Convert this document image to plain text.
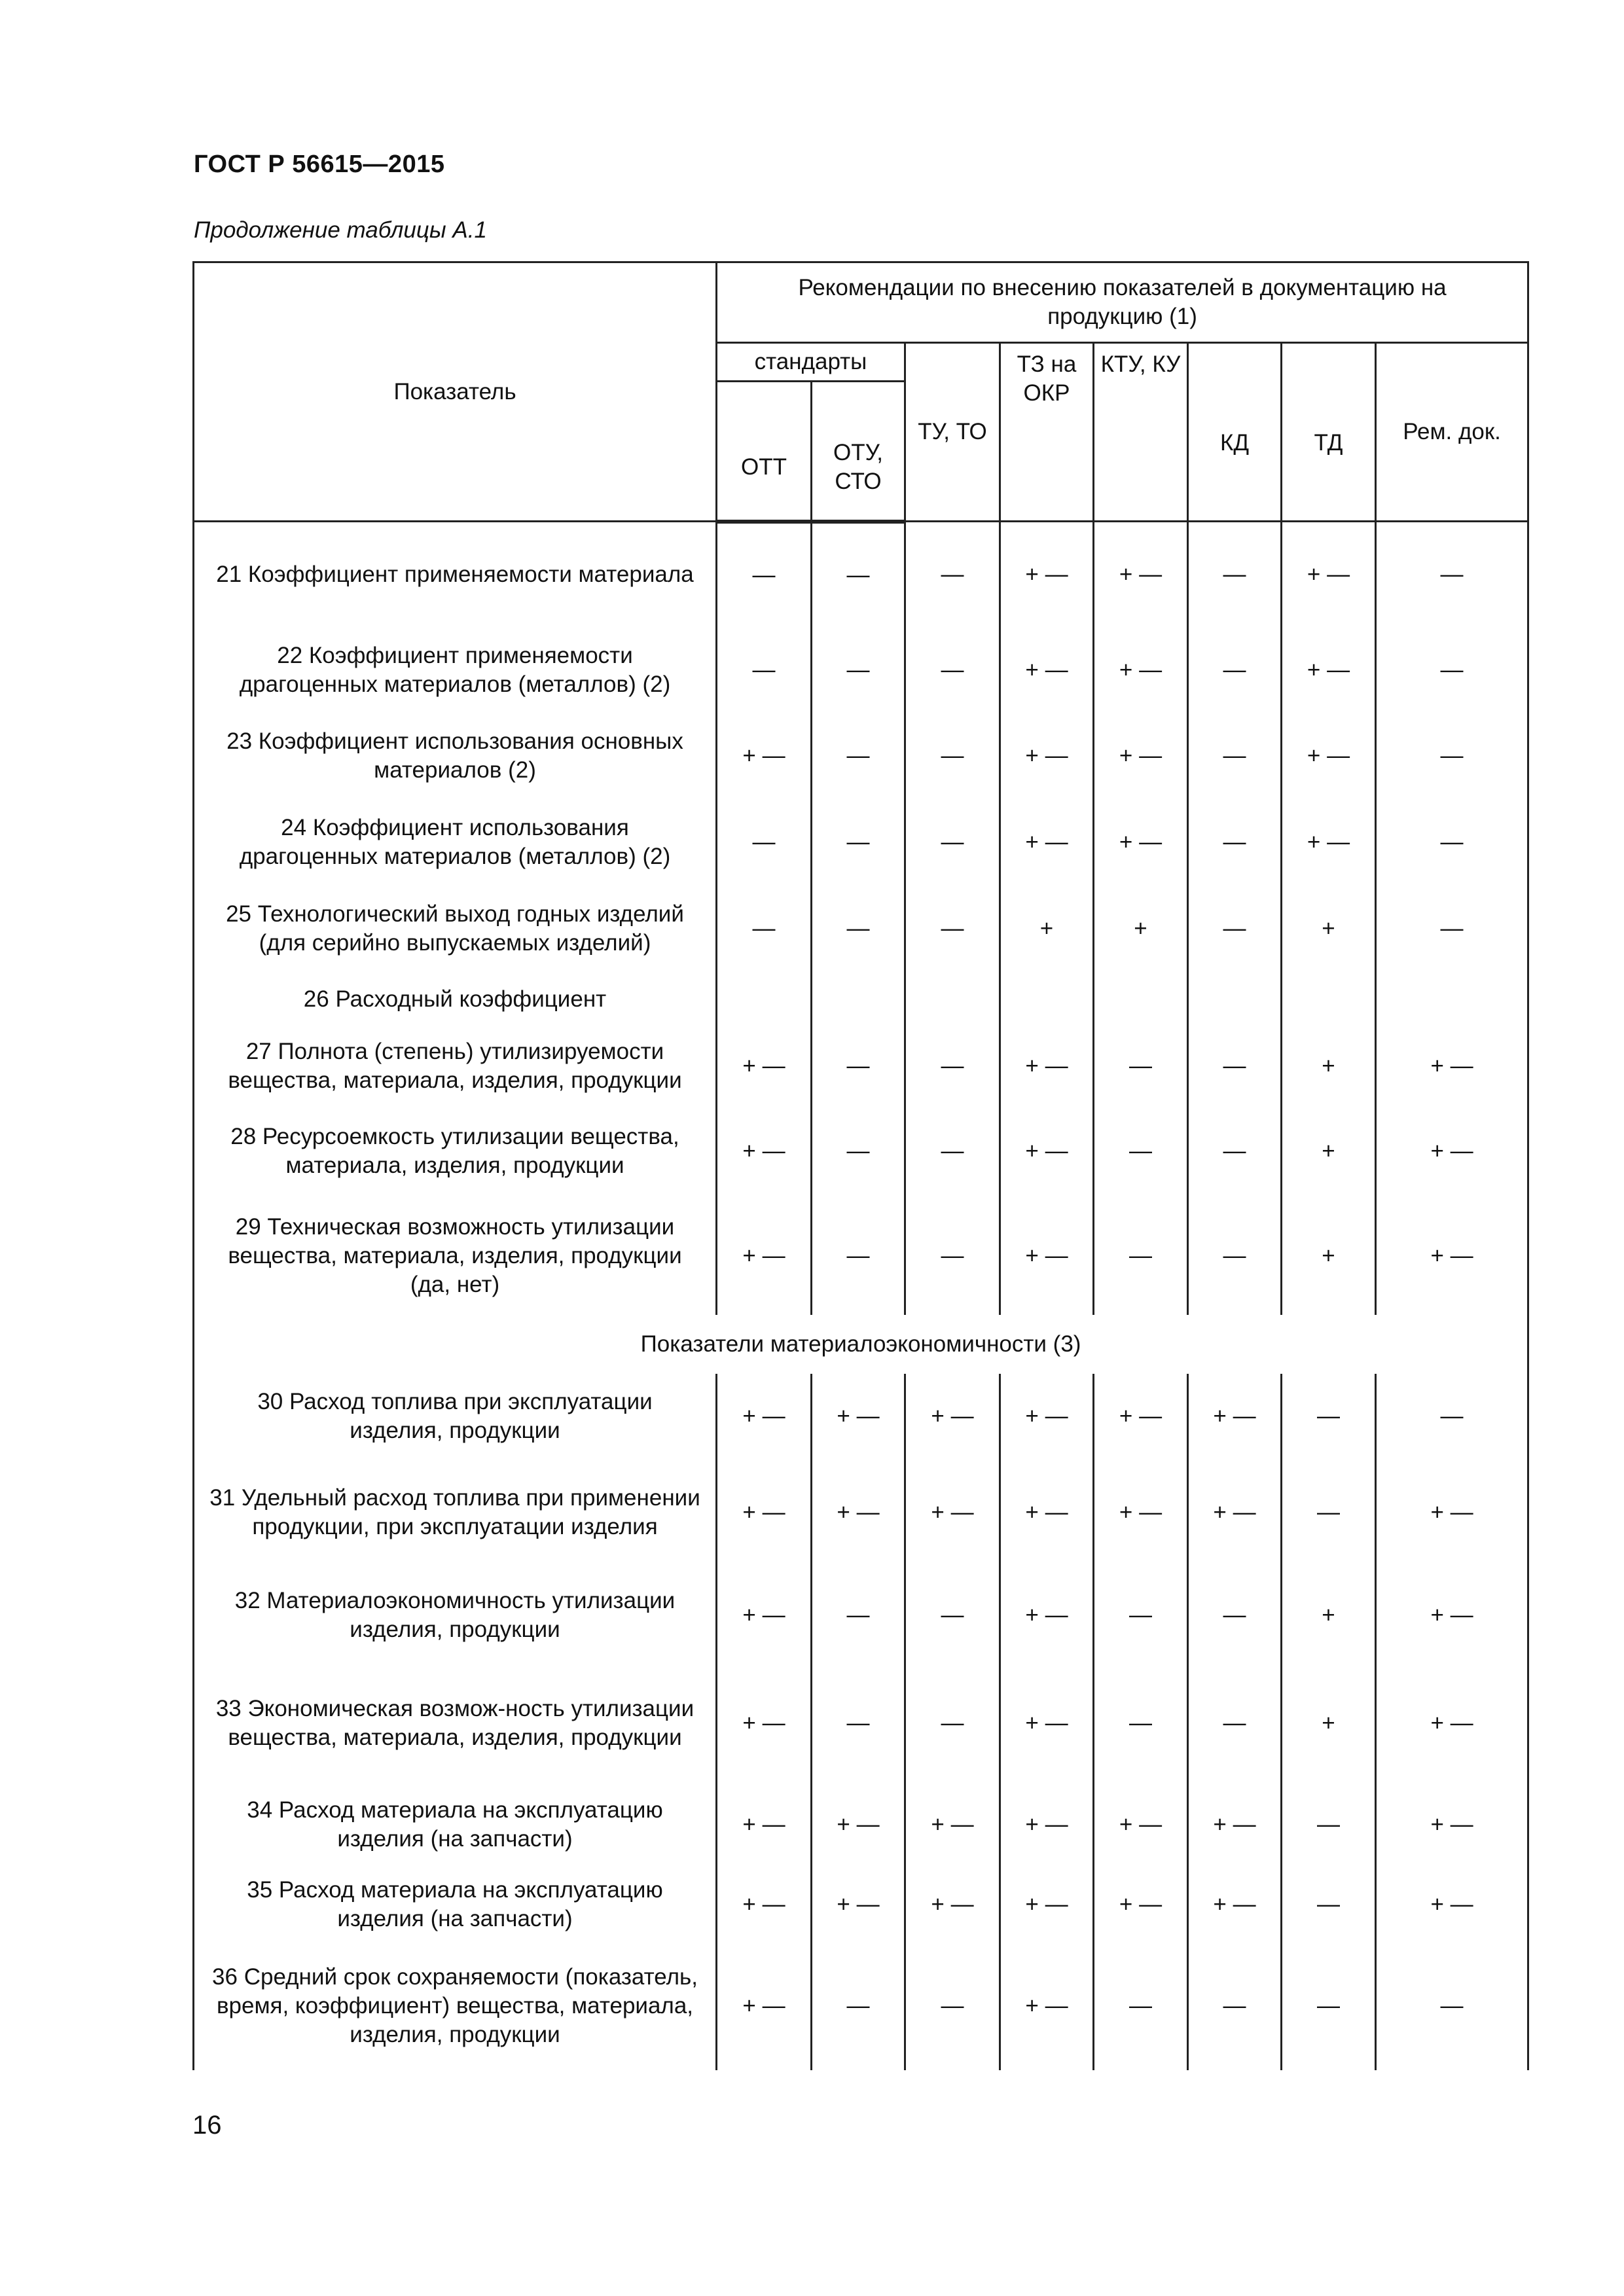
ГОСТ Р 56615—2015
Продолжение таблицы А.1
Показатель	Рекомендации по внесению показателей в документацию на продукцию (1)							
	стандарты		ТУ, ТО	ТЗ на ОКР	КТУ, КУ	КД	ТД	Рем. док.
	ОТТ	ОТУ, СТО						
21 Коэффициент применяемости материала	—	—	—	+ —	+ —	—	+ —	—
22 Коэффициент применяемости драгоценных материалов (металлов) (2)	—	—	—	+ —	+ —	—	+ —	—
23 Коэффициент использования основных материалов (2)	+ —	—	—	+ —	+ —	—	+ —	—
24 Коэффициент использования драгоценных материалов (металлов) (2)	—	—	—	+ —	+ —	—	+ —	—
25 Технологический выход годных изделий (для серийно выпускаемых изделий)	—	—	—	+	+	—	+	—
26 Расходный коэффициент								
27 Полнота (степень) утилизируемости вещества, материала, изделия, продукции	+ —	—	—	+ —	—	—	+	+ —
28 Ресурсоемкость утилизации вещества, материала, изделия, продукции	+ —	—	—	+ —	—	—	+	+ —
29 Техническая возможность утилизации вещества, материала, изделия, продукции (да, нет)	+ —	—	—	+ —	—	—	+	+ —
Показатели материалоэкономичности (3)								
30 Расход топлива при эксплуатации изделия, продукции	+ —	+ —	+ —	+ —	+ —	+ —	—	—
31 Удельный расход топлива при применении продукции, при эксплуатации изделия	+ —	+ —	+ —	+ —	+ —	+ —	—	+ —
32 Материалоэкономичность утилизации изделия, продукции	+ —	—	—	+ —	—	—	+	+ —
33 Экономическая возмож-ность утилизации вещества, материала, изделия, продукции	+ —	—	—	+ —	—	—	+	+ —
34 Расход материала на эксплуатацию изделия (на запчасти)	+ —	+ —	+ —	+ —	+ —	+ —	—	+ —
35 Расход материала на эксплуатацию изделия (на запчасти)	+ —	+ —	+ —	+ —	+ —	+ —	—	+ —
36 Средний срок сохраняемости (показатель, время, коэффициент) вещества, материала, изделия, продукции	+ —	—	—	+ —	—	—	—	—
16
